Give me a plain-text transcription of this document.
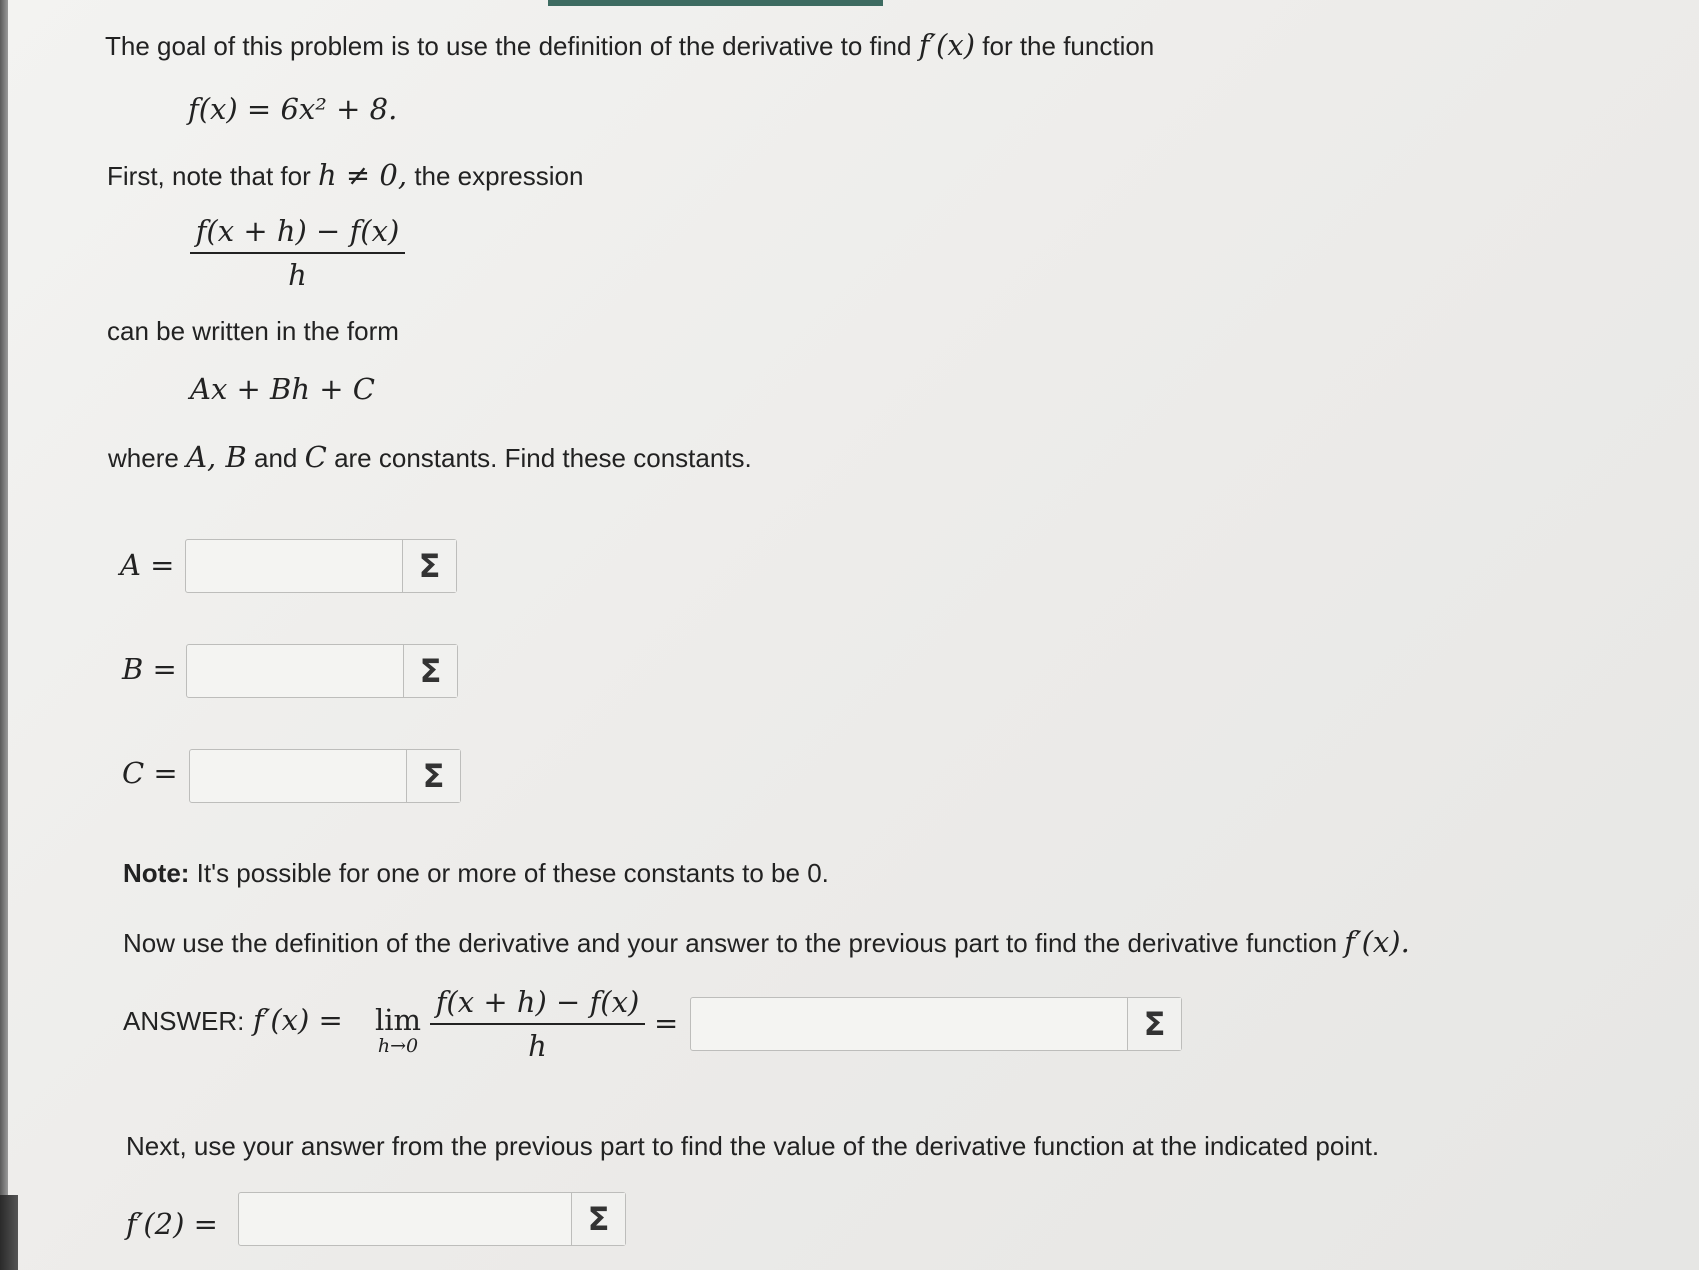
The goal of this problem is to use the definition of the derivative to find f′(x) for the function
f(x) = 6x² + 8.
First, note that for h ≠ 0, the expression
$\frac{f(x + h) - f(x)}{h}$
can be written in the form
Ax + Bh + C
where A, B and C are constants. Find these constants.
A =	Σ
B =	Σ
C =	Σ
Note: It's possible for one or more of these constants to be 0.
Now use the definition of the derivative and your answer to the previous part to find the derivative function f′(x).
ANSWER: f′(x) = lim
$h\to 0 \frac{f(x + h) - f(x)}{h}$ =	Σ
Next, use your answer from the previous part to find the value of the derivative function at the indicated point.
f′(2) =	Σ
